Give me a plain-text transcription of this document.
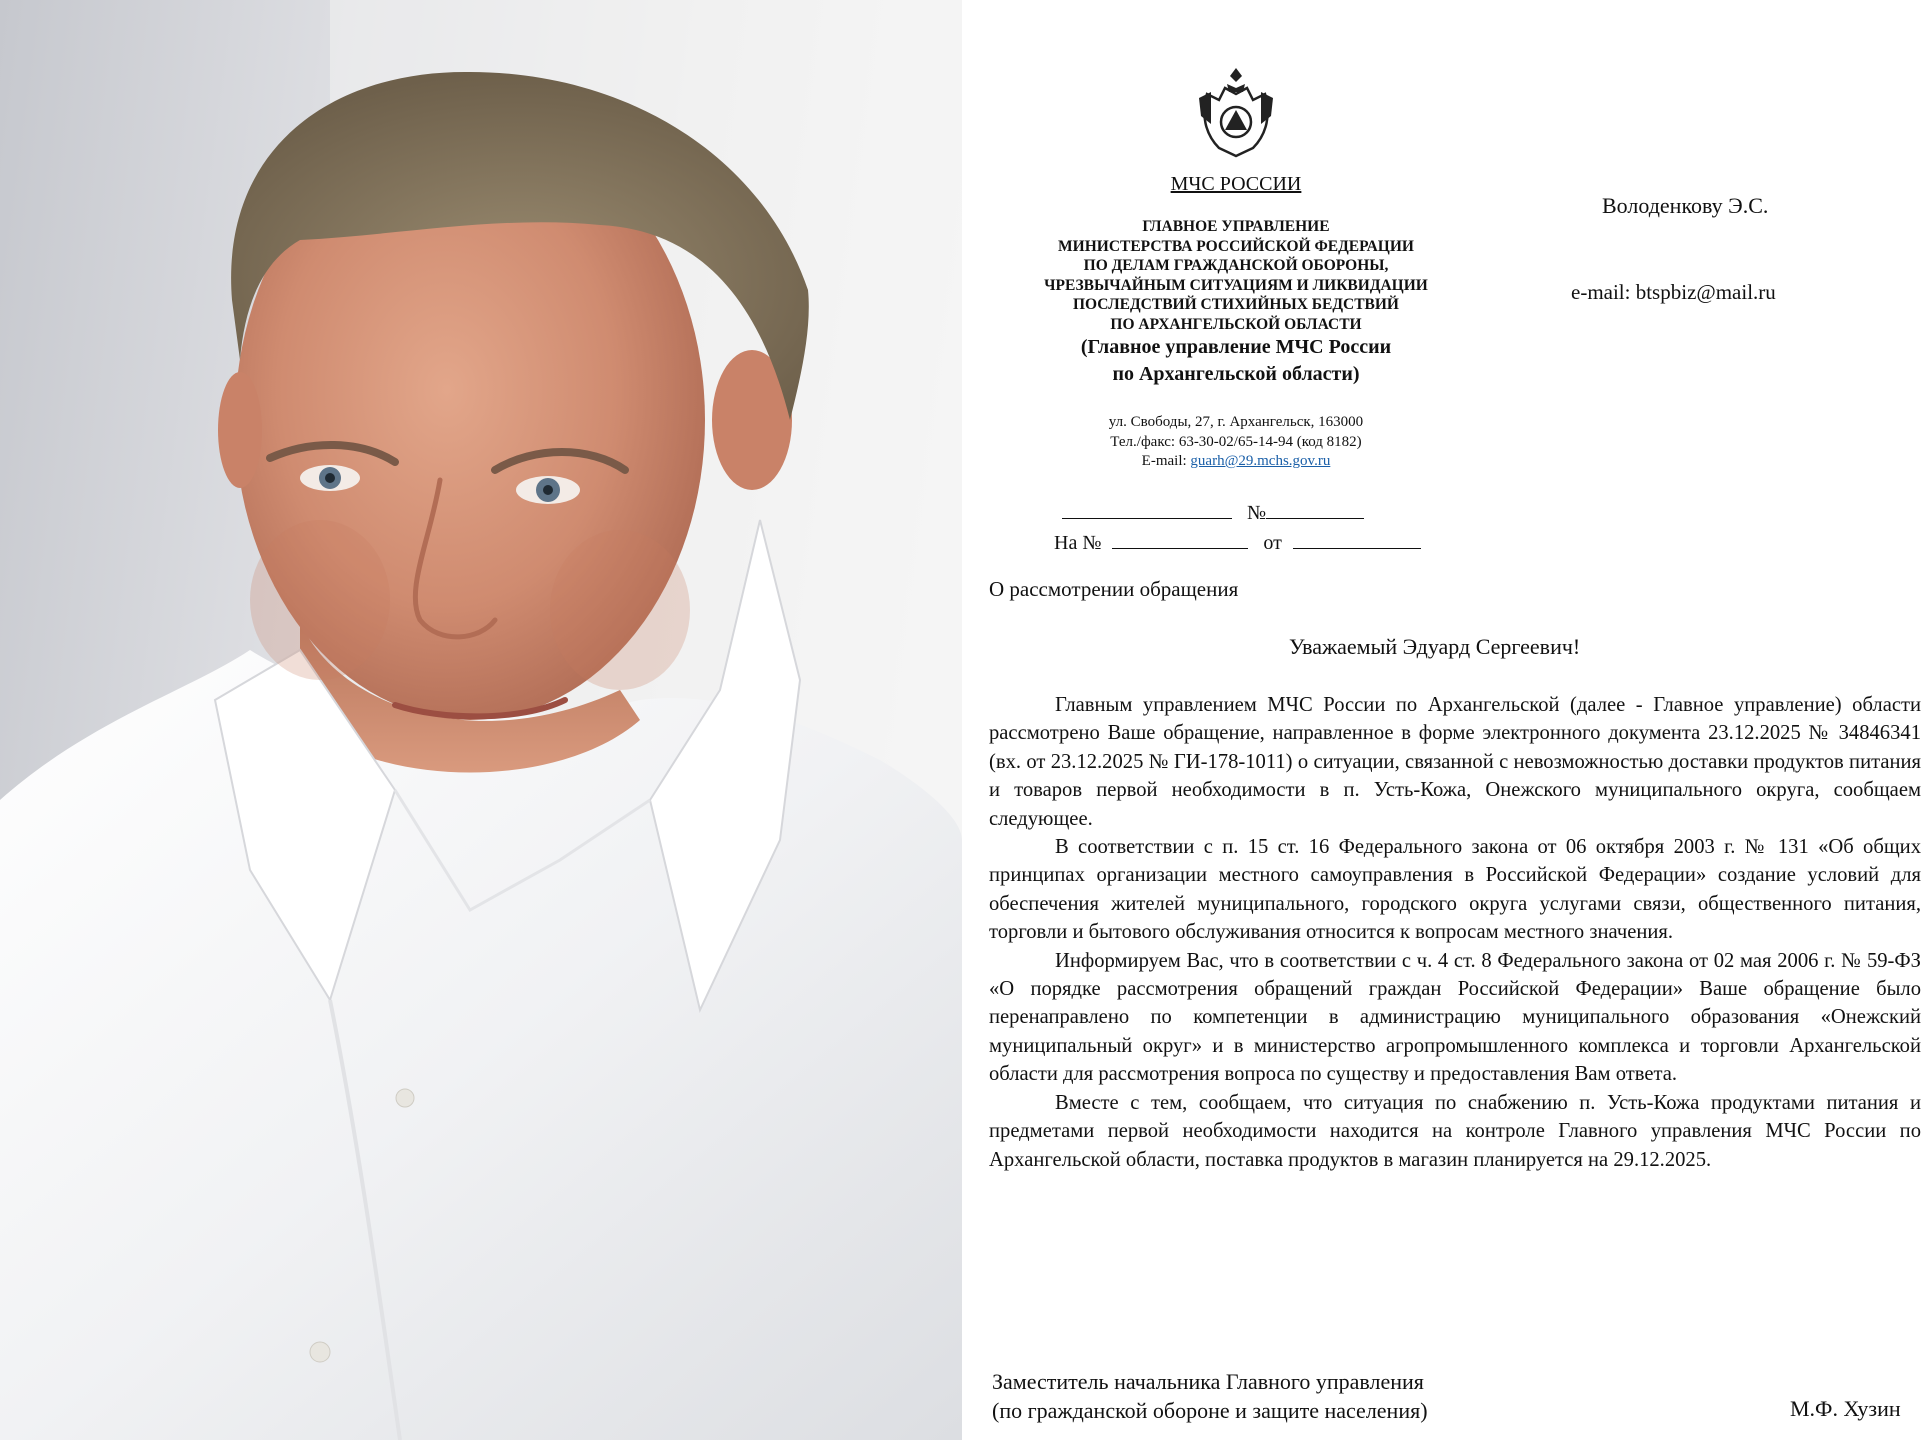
МЧС РОССИИ
ГЛАВНОЕ УПРАВЛЕНИЕ
МИНИСТЕРСТВА РОССИЙСКОЙ ФЕДЕРАЦИИ
ПО ДЕЛАМ ГРАЖДАНСКОЙ ОБОРОНЫ,
ЧРЕЗВЫЧАЙНЫМ СИТУАЦИЯМ И ЛИКВИДАЦИИ
ПОСЛЕДСТВИЙ СТИХИЙНЫХ БЕДСТВИЙ
ПО АРХАНГЕЛЬСКОЙ ОБЛАСТИ
(Главное управление МЧС России
по Архангельской области)
ул. Свободы, 27, г. Архангельск, 163000
Тел./факс: 63-30-02/65-14-94 (код 8182)
E-mail: guarh@29.mchs.gov.ru
№
На №	от
Володенкову Э.С.
e-mail: btspbiz@mail.ru
О рассмотрении обращения
Уважаемый Эдуард Сергеевич!

Главным управлением МЧС России по Архангельской (далее - Главное управление) области рассмотрено Ваше обращение, направленное в форме электронного документа 23.12.2025 № 34846341 (вх. от 23.12.2025 № ГИ-178-1011) о ситуации, связанной с невозможностью доставки продуктов питания и товаров первой необходимости в п. Усть-Кожа, Онежского муниципального округа, сообщаем следующее.

В соответствии с п. 15 ст. 16 Федерального закона от 06 октября 2003 г. № 131 «Об общих принципах организации местного самоуправления в Российской Федерации» создание условий для обеспечения жителей муниципального, городского округа услугами связи, общественного питания, торговли и бытового обслуживания относится к вопросам местного значения.

Информируем Вас, что в соответствии с ч. 4 ст. 8 Федерального закона от 02 мая 2006 г. № 59-ФЗ «О порядке рассмотрения обращений граждан Российской Федерации» Ваше обращение было перенаправлено по компетенции в администрацию муниципального образования «Онежский муниципальный округ» и в министерство агропромышленного комплекса и торговли Архангельской области для рассмотрения вопроса по существу и предоставления Вам ответа.

Вместе с тем, сообщаем, что ситуация по снабжению п. Усть-Кожа продуктами питания и предметами первой необходимости находится на контроле Главного управления МЧС России по Архангельской области, поставка продуктов в магазин планируется на 29.12.2025.

Заместитель начальника Главного управления
(по гражданской обороне и защите населения)	М.Ф. Хузин
